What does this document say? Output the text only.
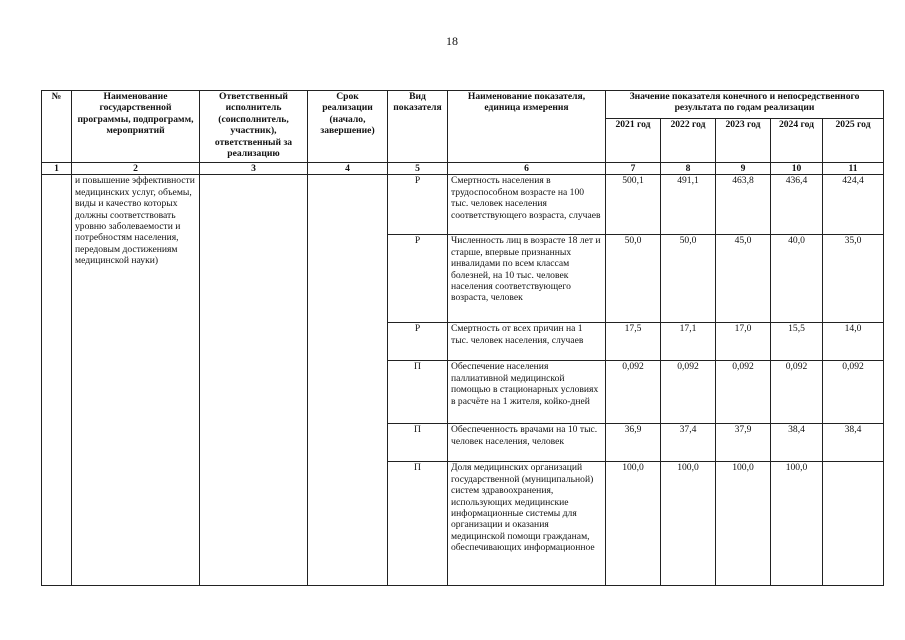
18
№	Наименование государственной программы, подпрограмм, мероприятий	Ответственный исполнитель (соисполнитель, участник), ответственный за реализацию	Срок реализации (начало, завершение)	Вид показателя	Наименование показателя, единица измерения	Значение показателя конечного и непосредственного результата по годам реализации				
						2021 год	2022 год	2023 год	2024 год	2025 год
1	2	3	4	5	6	7	8	9	10	11
	и повышение эффективности медицинских услуг, объемы, виды и качество которых должны соответствовать уровню заболеваемости и потребностям населения, передовым достижениям медицинской науки)			Р	Смертность населения в трудоспособном возрасте на 100 тыс. человек населения соответствующего возраста, случаев	500,1	491,1	463,8	436,4	424,4
				Р	Численность лиц в возрасте 18 лет и старше, впервые признанных инвалидами по всем классам болезней, на 10 тыс. человек населения соответствующего возраста, человек	50,0	50,0	45,0	40,0	35,0
				Р	Смертность от всех причин на 1 тыс. человек населения, случаев	17,5	17,1	17,0	15,5	14,0
				П	Обеспечение населения паллиативной медицинской помощью в стационарных условиях в расчёте на 1 жителя, койко-дней	0,092	0,092	0,092	0,092	0,092
				П	Обеспеченность врачами на 10 тыс. человек населения, человек	36,9	37,4	37,9	38,4	38,4
				П	Доля медицинских организаций государственной (муниципальной) систем здравоохранения, использующих медицинские информационные системы для организации и оказания медицинской помощи гражданам, обеспечивающих информационное	100,0	100,0	100,0	100,0	
